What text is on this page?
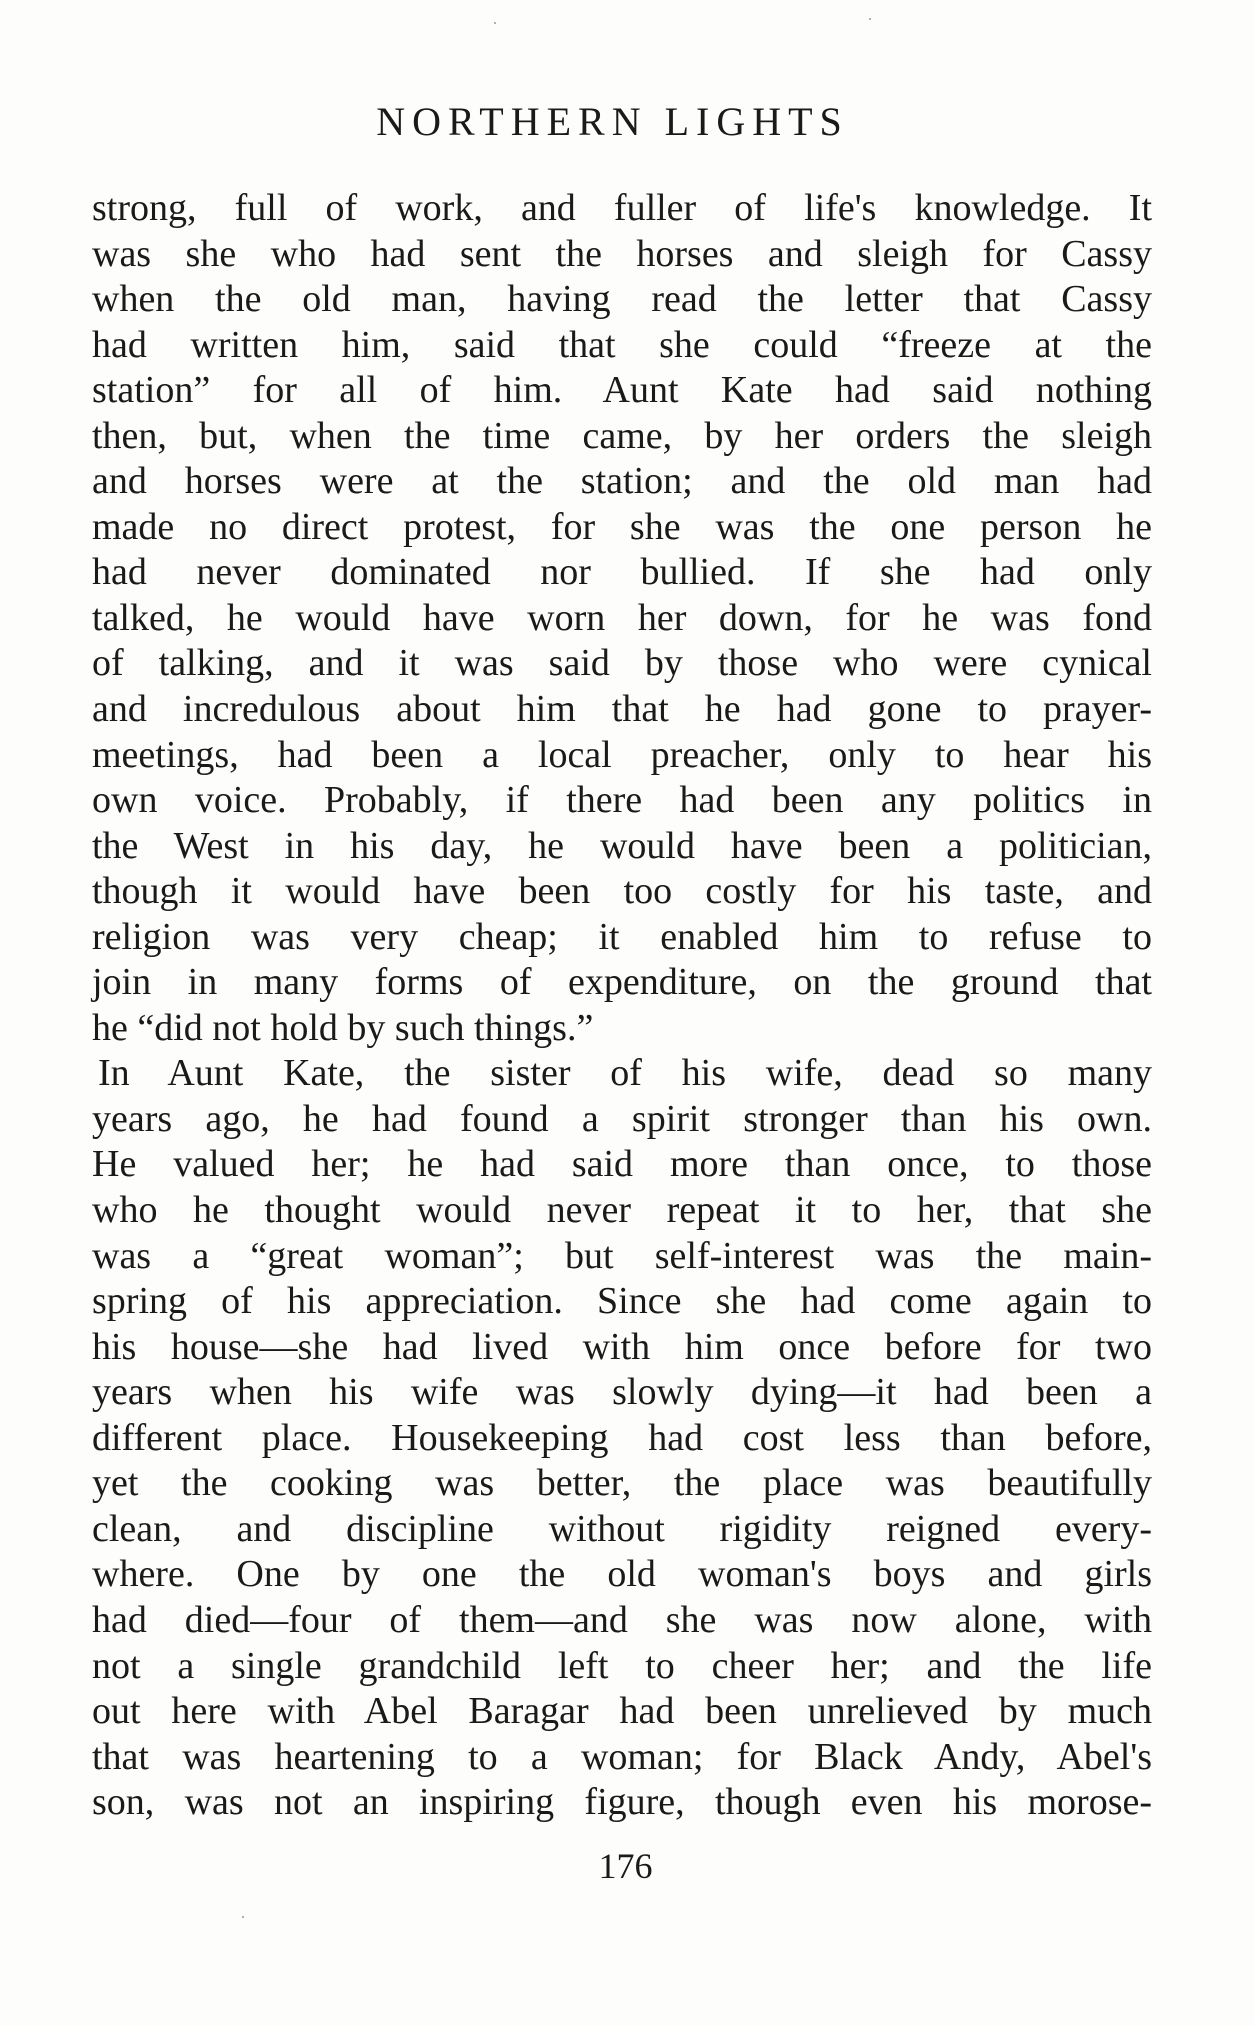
NORTHERN LIGHTS
strong, full of work, and fuller of life's knowledge. It
was she who had sent the horses and sleigh for Cassy
when the old man, having read the letter that Cassy
had written him, said that she could “freeze at the
station” for all of him. Aunt Kate had said nothing
then, but, when the time came, by her orders the sleigh
and horses were at the station; and the old man had
made no direct protest, for she was the one person he
had never dominated nor bullied. If she had only
talked, he would have worn her down, for he was fond
of talking, and it was said by those who were cynical
and incredulous about him that he had gone to prayer-
meetings, had been a local preacher, only to hear his
own voice. Probably, if there had been any politics in
the West in his day, he would have been a politician,
though it would have been too costly for his taste, and
religion was very cheap; it enabled him to refuse to
join in many forms of expenditure, on the ground that
he “did not hold by such things.”
In Aunt Kate, the sister of his wife, dead so many
years ago, he had found a spirit stronger than his own.
He valued her; he had said more than once, to those
who he thought would never repeat it to her, that she
was a “great woman”; but self-interest was the main-
spring of his appreciation. Since she had come again to
his house—she had lived with him once before for two
years when his wife was slowly dying—it had been a
different place. Housekeeping had cost less than before,
yet the cooking was better, the place was beautifully
clean, and discipline without rigidity reigned every-
where. One by one the old woman's boys and girls
had died—four of them—and she was now alone, with
not a single grandchild left to cheer her; and the life
out here with Abel Baragar had been unrelieved by much
that was heartening to a woman; for Black Andy, Abel's
son, was not an inspiring figure, though even his morose-
176
